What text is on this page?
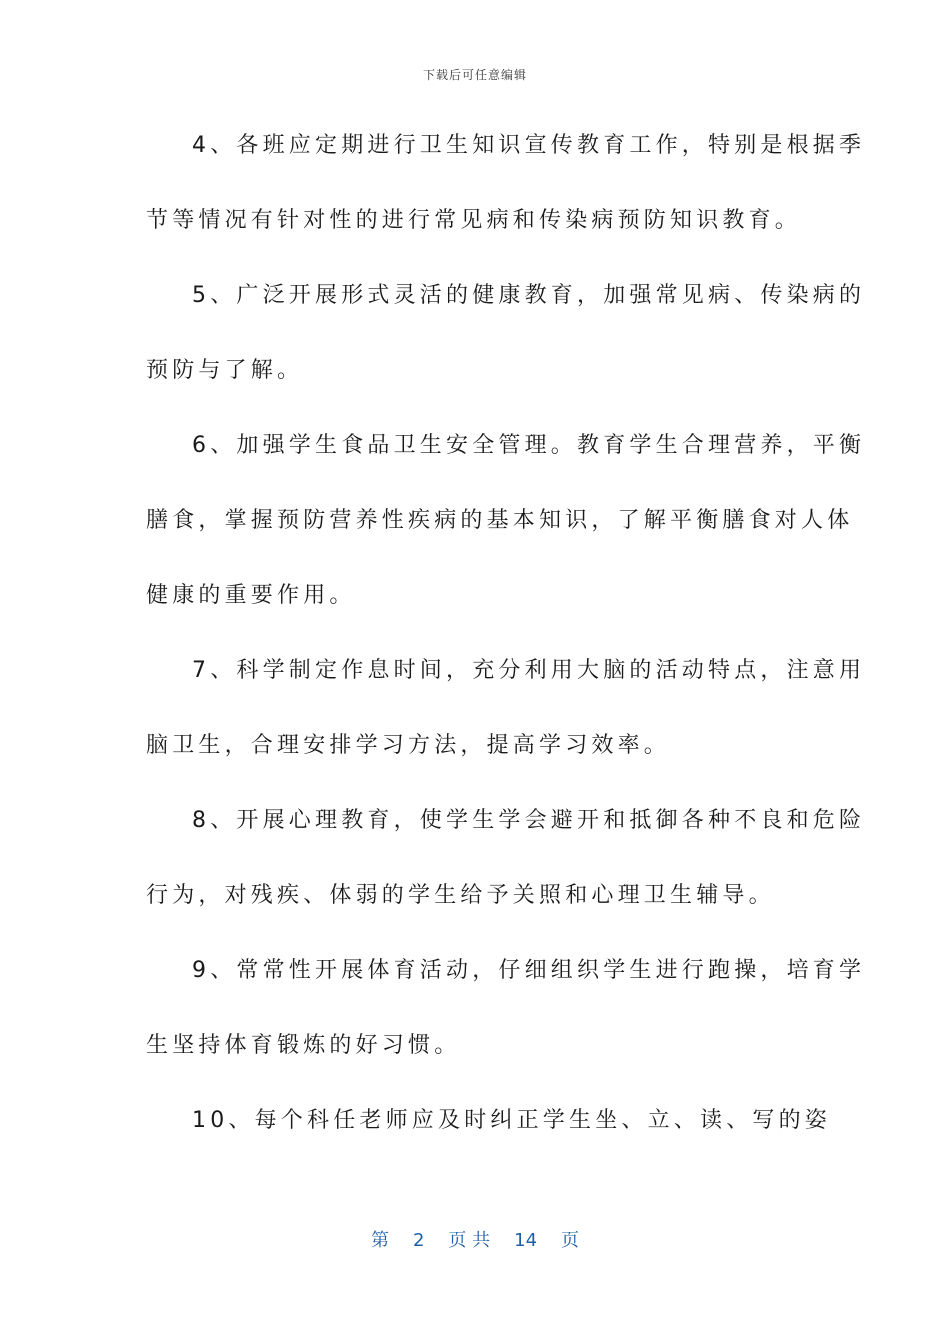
下载后可任意编辑
4、各班应定期进行卫生知识宣传教育工作，特别是根据季
节等情况有针对性的进行常见病和传染病预防知识教育。
5、广泛开展形式灵活的健康教育，加强常见病、传染病的
预防与了解。
6、加强学生食品卫生安全管理。教育学生合理营养，平衡
膳食，掌握预防营养性疾病的基本知识，了解平衡膳食对人体
健康的重要作用。
7、科学制定作息时间，充分利用大脑的活动特点，注意用
脑卫生，合理安排学习方法，提高学习效率。
8、开展心理教育，使学生学会避开和抵御各种不良和危险
行为，对残疾、体弱的学生给予关照和心理卫生辅导。
9、常常性开展体育活动，仔细组织学生进行跑操，培育学
生坚持体育锻炼的好习惯。
10、每个科任老师应及时纠正学生坐、立、读、写的姿
第 2 页 共 14 页
